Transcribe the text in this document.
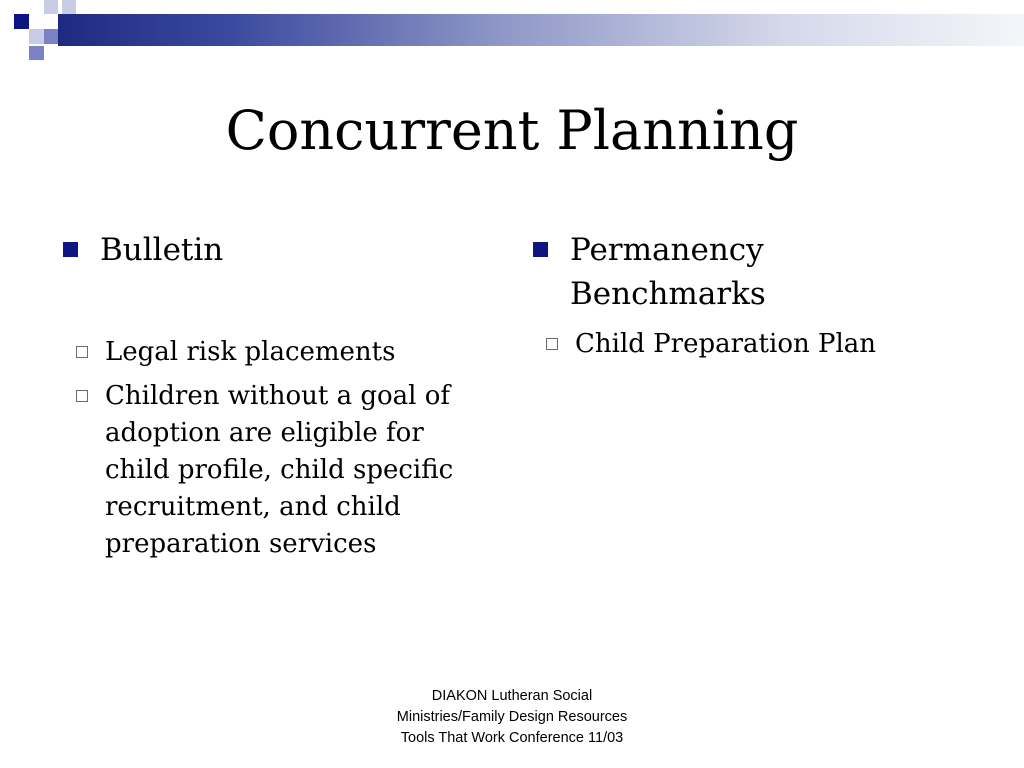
Concurrent Planning
Bulletin
Legal risk placements
Children without a goal of adoption are eligible for child profile, child specific recruitment, and child preparation services
Permanency Benchmarks
Child Preparation Plan
DIAKON Lutheran Social
Ministries/Family Design Resources
Tools That Work Conference 11/03
